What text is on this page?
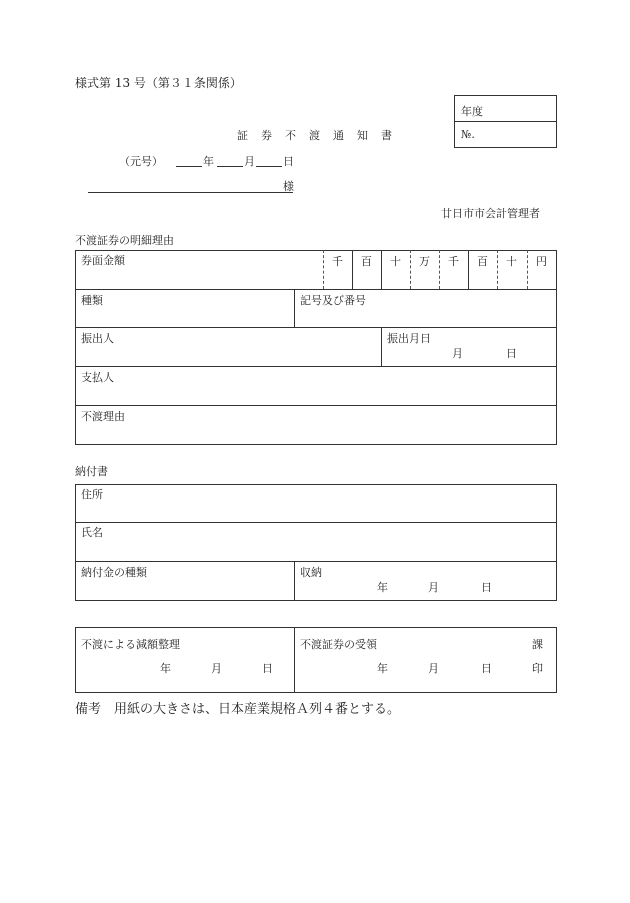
様式第 13 号（第３１条関係）
年度
№.
証　券　不　渡　通　知　書
（元号）	年	月	日
様
廿日市市会計管理者
不渡証券の明細理由
券面金額	千 百 十 万 千 百 十 円
種類	記号及び番号
振出人	振出月日
月	日
支払人
不渡理由
納付書
住所
氏名
納付金の種類	収納
年	月	日
不渡による減額整理
年	月	日
不渡証券の受領	課
年	月	日	印
備考　用紙の大きさは、日本産業規格Ａ列４番とする。
